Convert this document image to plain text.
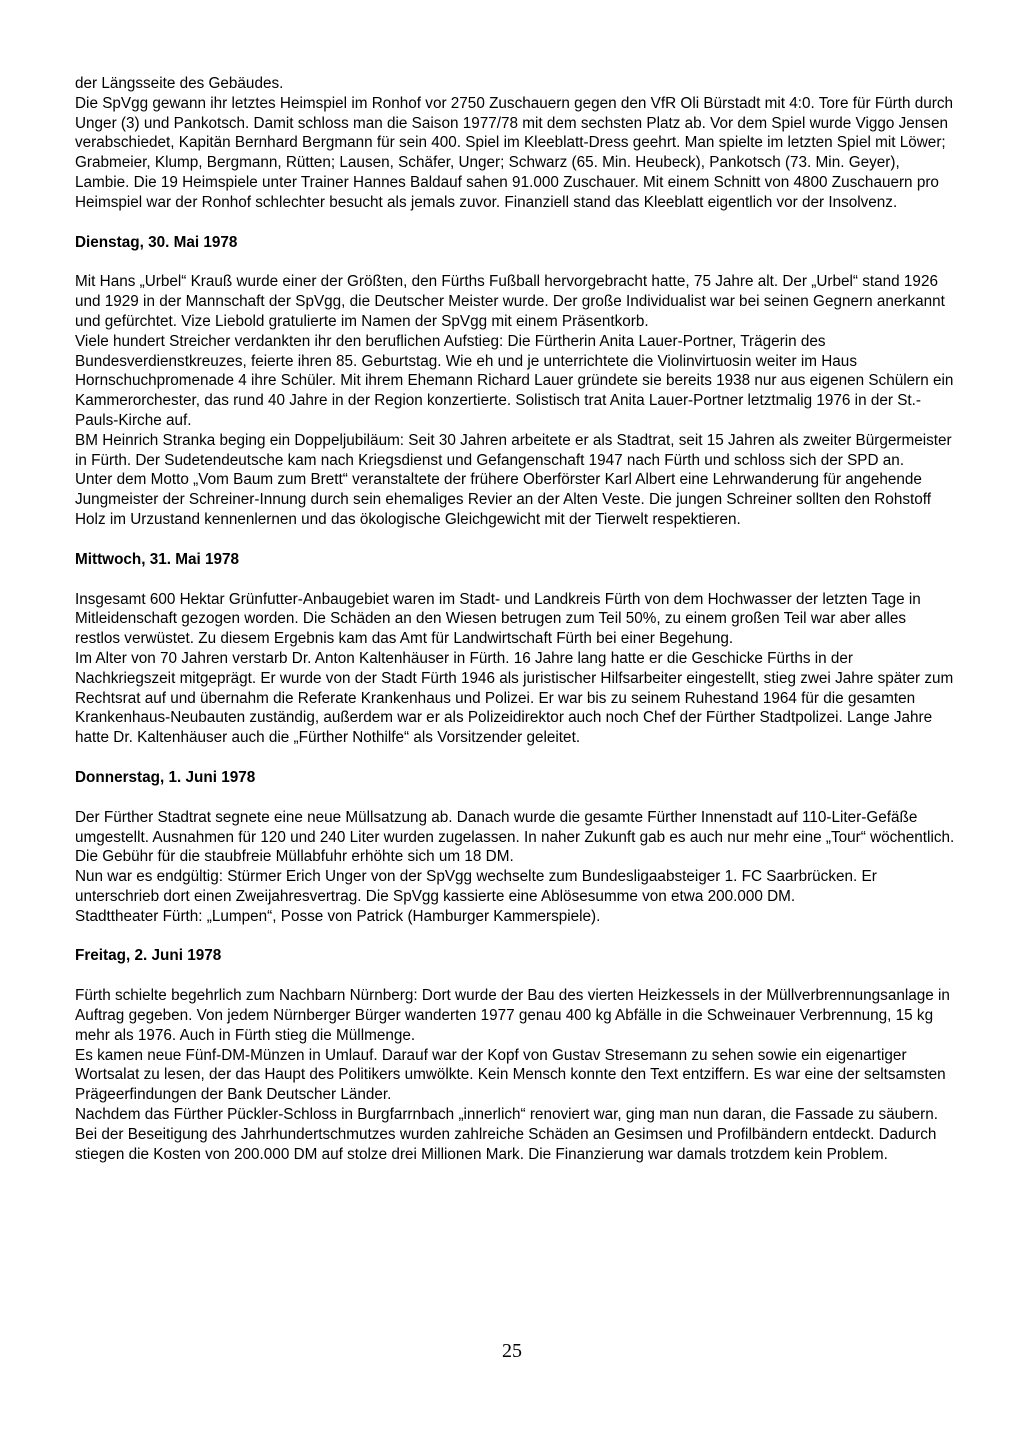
der Längsseite des Gebäudes.

Die SpVgg gewann ihr letztes Heimspiel im Ronhof vor 2750 Zuschauern gegen den VfR Oli Bürstadt mit 4:0. Tore für Fürth durch Unger (3) und Pankotsch. Damit schloss man die Saison 1977/78 mit dem sechsten Platz ab. Vor dem Spiel wurde Viggo Jensen verabschiedet, Kapitän Bernhard Bergmann für sein 400. Spiel im Kleeblatt-Dress geehrt. Man spielte im letzten Spiel mit Löwer; Grabmeier, Klump, Bergmann, Rütten; Lausen, Schäfer, Unger; Schwarz (65. Min. Heubeck), Pankotsch (73. Min. Geyer), Lambie. Die 19 Heimspiele unter Trainer Hannes Baldauf sahen 91.000 Zuschauer. Mit einem Schnitt von 4800 Zuschauern pro Heimspiel war der Ronhof schlechter besucht als jemals zuvor. Finanziell stand das Kleeblatt eigentlich vor der Insolvenz.

Dienstag, 30. Mai 1978

Mit Hans „Urbel“ Krauß wurde einer der Größten, den Fürths Fußball hervorgebracht hatte, 75 Jahre alt. Der „Urbel“ stand 1926 und 1929 in der Mannschaft der SpVgg, die Deutscher Meister wurde. Der große Individualist war bei seinen Gegnern anerkannt und gefürchtet. Vize Liebold gratulierte im Namen der SpVgg mit einem Präsentkorb.

Viele hundert Streicher verdankten ihr den beruflichen Aufstieg: Die Fürtherin Anita Lauer-Portner, Trägerin des Bundesverdienstkreuzes, feierte ihren 85. Geburtstag. Wie eh und je unterrichtete die Violinvirtuosin weiter im Haus Hornschuchpromenade 4 ihre Schüler. Mit ihrem Ehemann Richard Lauer gründete sie bereits 1938 nur aus eigenen Schülern ein Kammerorchester, das rund 40 Jahre in der Region konzertierte. Solistisch trat Anita Lauer-Portner letztmalig 1976 in der St.-Pauls-Kirche auf.

BM Heinrich Stranka beging ein Doppeljubiläum: Seit 30 Jahren arbeitete er als Stadtrat, seit 15 Jahren als zweiter Bürgermeister in Fürth. Der Sudetendeutsche kam nach Kriegsdienst und Gefangenschaft 1947 nach Fürth und schloss sich der SPD an.

Unter dem Motto „Vom Baum zum Brett“ veranstaltete der frühere Oberförster Karl Albert eine Lehrwanderung für angehende Jungmeister der Schreiner-Innung durch sein ehemaliges Revier an der Alten Veste. Die jungen Schreiner sollten den Rohstoff Holz im Urzustand kennenlernen und das ökologische Gleichgewicht mit der Tierwelt respektieren.

Mittwoch, 31. Mai 1978

Insgesamt 600 Hektar Grünfutter-Anbaugebiet waren im Stadt- und Landkreis Fürth von dem Hochwasser der letzten Tage in Mitleidenschaft gezogen worden. Die Schäden an den Wiesen betrugen zum Teil 50%, zu einem großen Teil war aber alles restlos verwüstet. Zu diesem Ergebnis kam das Amt für Landwirtschaft Fürth bei einer Begehung.

Im Alter von 70 Jahren verstarb Dr. Anton Kaltenhäuser in Fürth. 16 Jahre lang hatte er die Geschicke Fürths in der Nachkriegszeit mitgeprägt. Er wurde von der Stadt Fürth 1946 als juristischer Hilfsarbeiter eingestellt, stieg zwei Jahre später zum Rechtsrat auf und übernahm die Referate Krankenhaus und Polizei. Er war bis zu seinem Ruhestand 1964 für die gesamten Krankenhaus-Neubauten zuständig, außerdem war er als Polizeidirektor auch noch Chef der Fürther Stadtpolizei. Lange Jahre hatte Dr. Kaltenhäuser auch die „Fürther Nothilfe“ als Vorsitzender geleitet.

Donnerstag, 1. Juni 1978

Der Fürther Stadtrat segnete eine neue Müllsatzung ab. Danach wurde die gesamte Fürther Innenstadt auf 110-Liter-Gefäße umgestellt. Ausnahmen für 120 und 240 Liter wurden zugelassen. In naher Zukunft gab es auch nur mehr eine „Tour“ wöchentlich. Die Gebühr für die staubfreie Müllabfuhr erhöhte sich um 18 DM.

Nun war es endgültig: Stürmer Erich Unger von der SpVgg wechselte zum Bundesligaabsteiger 1. FC Saarbrücken. Er unterschrieb dort einen Zweijahresvertrag. Die SpVgg kassierte eine Ablösesumme von etwa 200.000 DM.

Stadttheater Fürth: „Lumpen“, Posse von Patrick (Hamburger Kammerspiele).

Freitag, 2. Juni 1978

Fürth schielte begehrlich zum Nachbarn Nürnberg: Dort wurde der Bau des vierten Heizkessels in der Müllverbrennungsanlage in Auftrag gegeben. Von jedem Nürnberger Bürger wanderten 1977 genau 400 kg Abfälle in die Schweinauer Verbrennung, 15 kg mehr als 1976. Auch in Fürth stieg die Müllmenge.

Es kamen neue Fünf-DM-Münzen in Umlauf. Darauf war der Kopf von Gustav Stresemann zu sehen sowie ein eigenartiger Wortsalat zu lesen, der das Haupt des Politikers umwölkte. Kein Mensch konnte den Text entziffern. Es war eine der seltsamsten Prägeerfindungen der Bank Deutscher Länder.

Nachdem das Fürther Pückler-Schloss in Burgfarrnbach „innerlich“ renoviert war, ging man nun daran, die Fassade zu säubern. Bei der Beseitigung des Jahrhundertschmutzes wurden zahlreiche Schäden an Gesimsen und Profilbändern entdeckt. Dadurch stiegen die Kosten von 200.000 DM auf stolze drei Millionen Mark. Die Finanzierung war damals trotzdem kein Problem.

25
